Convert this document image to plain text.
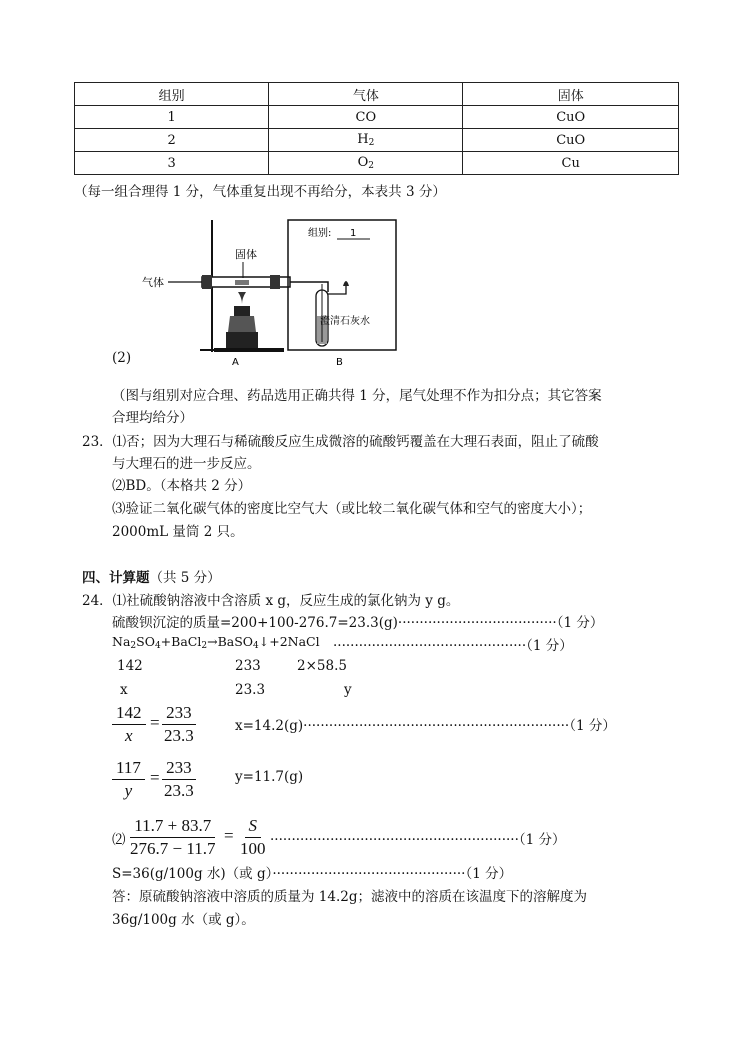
组别	气体	固体
1	CO	CuO
2	$H_2$	CuO
3	$O_2$	Cu
（每一组合理得 1 分，气体重复出现不再给分，本表共 3 分）
(2)
气体
固体
组别: 1
澄清石灰水
A	B
（图与组别对应合理、药品选用正确共得 1 分，尾气处理不作为扣分点；其它答案
合理均给分）
23．⑴否；因为大理石与稀硫酸反应生成微溶的硫酸钙覆盖在大理石表面，阻止了硫酸
与大理石的进一步反应。
⑵BD。（本格共 2 分）
⑶验证二氧化碳气体的密度比空气大（或比较二氧化碳气体和空气的密度大小）；
2000mL 量筒 2 只。
四、计算题（共 5 分）
24．⑴社硫酸钠溶液中含溶质 x g，反应生成的氯化钠为 y g。
硫酸钡沉淀的质量=200+100-276.7=23.3(g)·····································（1 分）
$Na_2SO_4+BaCl_2\to BaSO_4↓+2NaCl \cdot\cdot\cdot\cdot\cdot\cdot\cdot\cdot\cdot\cdot\cdot\cdot\cdot\cdot\cdot\cdot\cdot\cdot\cdot\cdot\cdot\cdot\cdot\cdot\cdot\cdot\cdot\cdot\cdot\cdot\cdot\cdot\cdot\cdot\cdot\cdot\cdot\cdot\cdot\cdot\cdot\cdot\cdot\cdot\cdot(1$ 分）
142	233	2×58.5
x	23.3	y
$\frac{142}{x} = \frac{233}{23.3}$	x=14.2(g)······························································（1 分）
$\frac{117}{y} = \frac{233}{23.3}$	y=11.7(g)
⑵ $\frac{11.7 + 83.7}{276.7 - 11.7} = \frac{S}{100} \cdot\cdot\cdot\cdot\cdot\cdot\cdot\cdot\cdot\cdot\cdot\cdot\cdot\cdot\cdot\cdot\cdot\cdot\cdot\cdot\cdot\cdot\cdot\cdot\cdot\cdot\cdot\cdot\cdot\cdot\cdot\cdot\cdot\cdot\cdot\cdot\cdot\cdot\cdot\cdot\cdot\cdot\cdot\cdot\cdot\cdot\cdot\cdot\cdot\cdot\cdot\cdot\cdot\cdot\cdot\cdot\cdot\cdot(1$ 分）
S=36(g/100g 水)（或 g）·············································（1 分）
答：原硫酸钠溶液中溶质的质量为 14.2g；滤液中的溶质在该温度下的溶解度为
36g/100g 水（或 g）。
